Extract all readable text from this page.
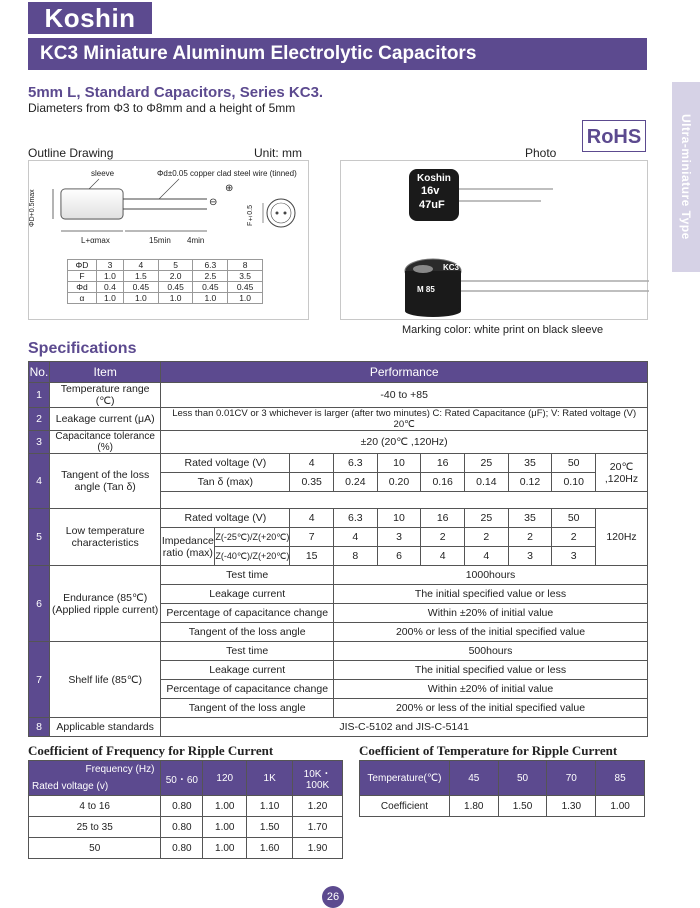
Koshin
KC3 Miniature Aluminum Electrolytic Capacitors
Ultra-miniature Type
5mm L, Standard Capacitors, Series KC3.
Diameters from Φ3 to Φ8mm and a height of 5mm
Outline Drawing	Unit: mm	Photo
RoHS
sleeve	Φd±0.05 copper clad steel wire (tinned)
ΦD+0.5max
L+αmax	15min 4min
F±0.5
⊕
⊖
ΦD	3	4	5	6.3	8
F	1.0	1.5	2.0	2.5	3.5
Φd	0.4	0.45	0.45	0.45	0.45
α	1.0	1.0	1.0	1.0	1.0
Koshin
16v
47uF
KC3
M 85
Marking color: white print on black sleeve
Specifications
No.	Item	Performance									
1	Temperature range (℃)	-40 to +85									
2	Leakage current (μA)	Less than 0.01CV or 3 whichever is larger (after two minutes) C: Rated Capacitance (μF); V: Rated voltage (V) 20℃									
3	Capacitance tolerance (%)	±20 (20℃ ,120Hz)									
4	Tangent of the loss angle (Tan δ)	Rated voltage (V)		4	6.3	10	16	25	35	50	20℃ ,120Hz
		Tan δ (max)		0.35	0.24	0.20	0.16	0.14	0.12	0.10	

5	Low temperature characteristics	Rated voltage (V)		4	6.3	10	16	25	35	50	120Hz
		Impedance ratio (max)	Z(-25℃)/Z(+20℃)	7	4	3	2	2	2	2	
			Z(-40℃)/Z(+20℃)	15	8	6	4	4	3	3	
6	Endurance (85℃) (Applied ripple current)	Test time			1000hours						
		Leakage current			The initial specified value or less						
		Percentage of capacitance change			Within ±20% of initial value						
		Tangent of the loss angle			200% or less of the initial specified value						
7	Shelf life (85℃)	Test time			500hours						
		Leakage current			The initial specified value or less						
		Percentage of capacitance change			Within ±20% of initial value						
		Tangent of the loss angle			200% or less of the initial specified value						
8	Applicable standards	JIS-C-5102 and JIS-C-5141									
Coefficient of Frequency for Ripple Current
Frequency (Hz)
Rated voltage (v)	50・60	120	1K	10K・100K
4 to 16	0.80	1.00	1.10	1.20
25 to 35	0.80	1.00	1.50	1.70
50	0.80	1.00	1.60	1.90
Coefficient of Temperature for Ripple Current
Temperature(℃)	45	50	70	85
Coefficient	1.80	1.50	1.30	1.00
26
